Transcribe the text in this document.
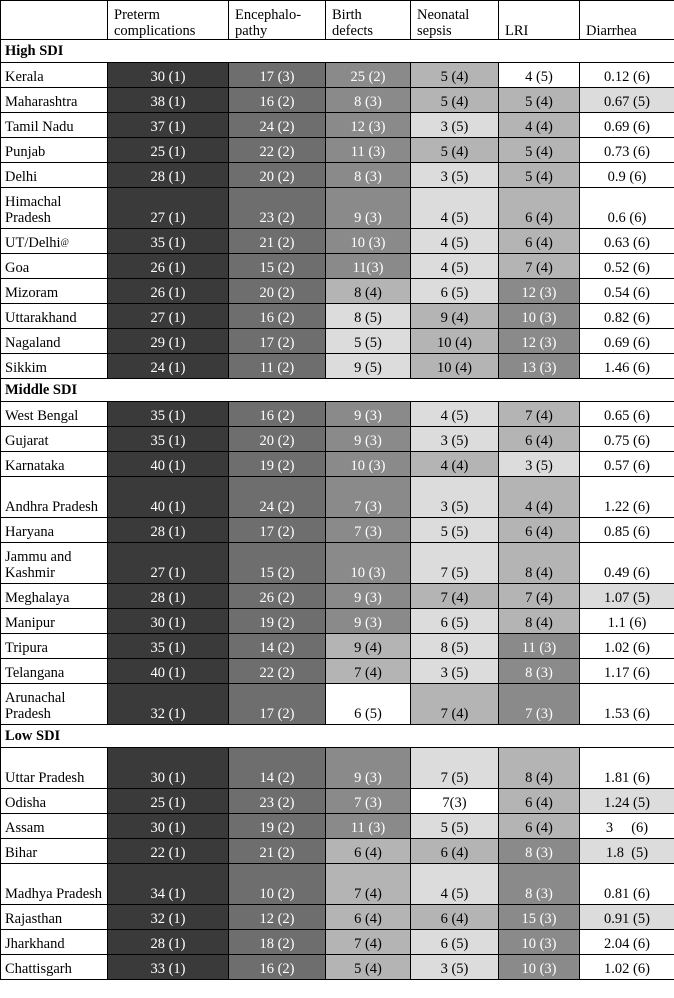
	Preterm complications	Encephalo-pathy	Birth defects	Neonatal sepsis	LRI	Diarrhea
High SDI						
Kerala	30 (1)	17 (3)	25 (2)	5 (4)	4 (5)	0.12 (6)
Maharashtra	38 (1)	16 (2)	8 (3)	5 (4)	5 (4)	0.67 (5)
Tamil Nadu	37 (1)	24 (2)	12 (3)	3 (5)	4 (4)	0.69 (6)
Punjab	25 (1)	22 (2)	11 (3)	5 (4)	5 (4)	0.73 (6)
Delhi	28 (1)	20 (2)	8 (3)	3 (5)	5 (4)	0.9 (6)
Himachal Pradesh	27 (1)	23 (2)	9 (3)	4 (5)	6 (4)	0.6 (6)
UT/Delhi@	35 (1)	21 (2)	10 (3)	4 (5)	6 (4)	0.63 (6)
Goa	26 (1)	15 (2)	11(3)	4 (5)	7 (4)	0.52 (6)
Mizoram	26 (1)	20 (2)	8 (4)	6 (5)	12 (3)	0.54 (6)
Uttarakhand	27 (1)	16 (2)	8 (5)	9 (4)	10 (3)	0.82 (6)
Nagaland	29 (1)	17 (2)	5 (5)	10 (4)	12 (3)	0.69 (6)
Sikkim	24 (1)	11 (2)	9 (5)	10 (4)	13 (3)	1.46 (6)
Middle SDI						
West Bengal	35 (1)	16 (2)	9 (3)	4 (5)	7 (4)	0.65 (6)
Gujarat	35 (1)	20 (2)	9 (3)	3 (5)	6 (4)	0.75 (6)
Karnataka	40 (1)	19 (2)	10 (3)	4 (4)	3 (5)	0.57 (6)
Andhra Pradesh	40 (1)	24 (2)	7 (3)	3 (5)	4 (4)	1.22 (6)
Haryana	28 (1)	17 (2)	7 (3)	5 (5)	6 (4)	0.85 (6)
Jammu and Kashmir	27 (1)	15 (2)	10 (3)	7 (5)	8 (4)	0.49 (6)
Meghalaya	28 (1)	26 (2)	9 (3)	7 (4)	7 (4)	1.07 (5)
Manipur	30 (1)	19 (2)	9 (3)	6 (5)	8 (4)	1.1 (6)
Tripura	35 (1)	14 (2)	9 (4)	8 (5)	11 (3)	1.02 (6)
Telangana	40 (1)	22 (2)	7 (4)	3 (5)	8 (3)	1.17 (6)
Arunachal Pradesh	32 (1)	17 (2)	6 (5)	7 (4)	7 (3)	1.53 (6)
Low SDI						
Uttar Pradesh	30 (1)	14 (2)	9 (3)	7 (5)	8 (4)	1.81 (6)
Odisha	25 (1)	23 (2)	7 (3)	7(3)	6 (4)	1.24 (5)
Assam	30 (1)	19 (2)	11 (3)	5 (5)	6 (4)	3     (6)
Bihar	22 (1)	21 (2)	6 (4)	6 (4)	8 (3)	1.8  (5)
Madhya Pradesh	34 (1)	10 (2)	7 (4)	4 (5)	8 (3)	0.81 (6)
Rajasthan	32 (1)	12 (2)	6 (4)	6 (4)	15 (3)	0.91 (5)
Jharkhand	28 (1)	18 (2)	7 (4)	6 (5)	10 (3)	2.04 (6)
Chattisgarh	33 (1)	16 (2)	5 (4)	3 (5)	10 (3)	1.02 (6)
